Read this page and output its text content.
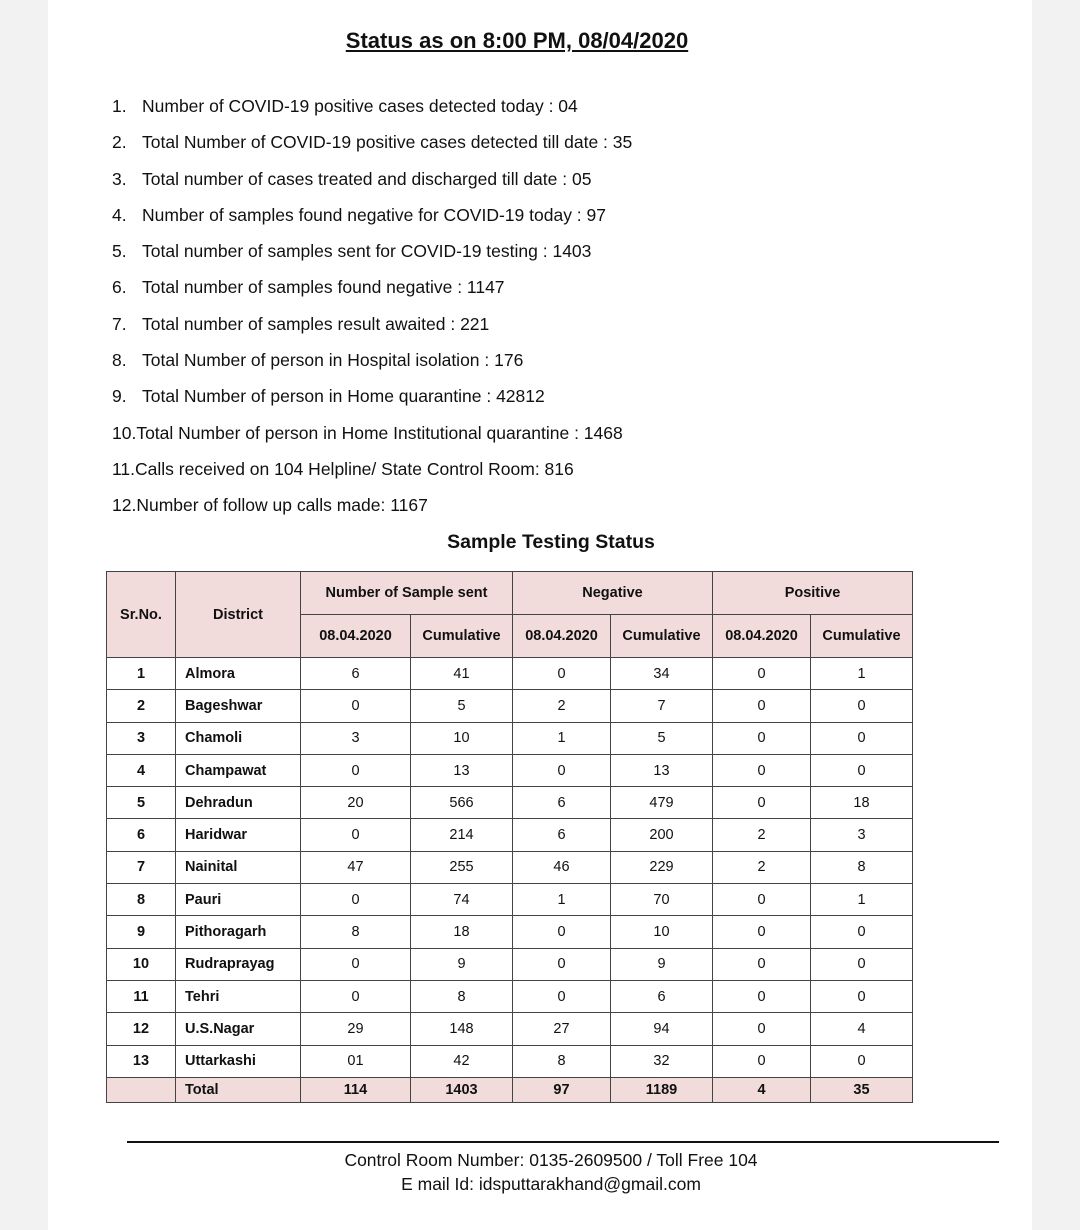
Status as on 8:00 PM, 08/04/2020
1. Number of COVID-19 positive cases detected today : 04
2. Total Number of COVID-19 positive cases detected till date : 35
3. Total number of cases treated and discharged till date : 05
4. Number of samples found negative for COVID-19 today : 97
5. Total number of samples sent for COVID-19 testing : 1403
6. Total number of samples found negative : 1147
7. Total number of samples result awaited : 221
8. Total Number of person in Hospital isolation : 176
9. Total Number of person in Home quarantine : 42812
10.Total Number of person in Home Institutional quarantine : 1468
11.Calls received on 104 Helpline/ State Control Room: 816
12.Number of follow up calls made: 1167
Sample Testing Status
Sr.No.	District	Number of Sample sent		Negative		Positive	
		08.04.2020	Cumulative	08.04.2020	Cumulative	08.04.2020	Cumulative
1	Almora	6	41	0	34	0	1
2	Bageshwar	0	5	2	7	0	0
3	Chamoli	3	10	1	5	0	0
4	Champawat	0	13	0	13	0	0
5	Dehradun	20	566	6	479	0	18
6	Haridwar	0	214	6	200	2	3
7	Nainital	47	255	46	229	2	8
8	Pauri	0	74	1	70	0	1
9	Pithoragarh	8	18	0	10	0	0
10	Rudraprayag	0	9	0	9	0	0
11	Tehri	0	8	0	6	0	0
12	U.S.Nagar	29	148	27	94	0	4
13	Uttarkashi	01	42	8	32	0	0
	Total	114	1403	97	1189	4	35
Control Room Number: 0135-2609500 / Toll Free 104
E mail Id: idsputtarakhand@gmail.com
